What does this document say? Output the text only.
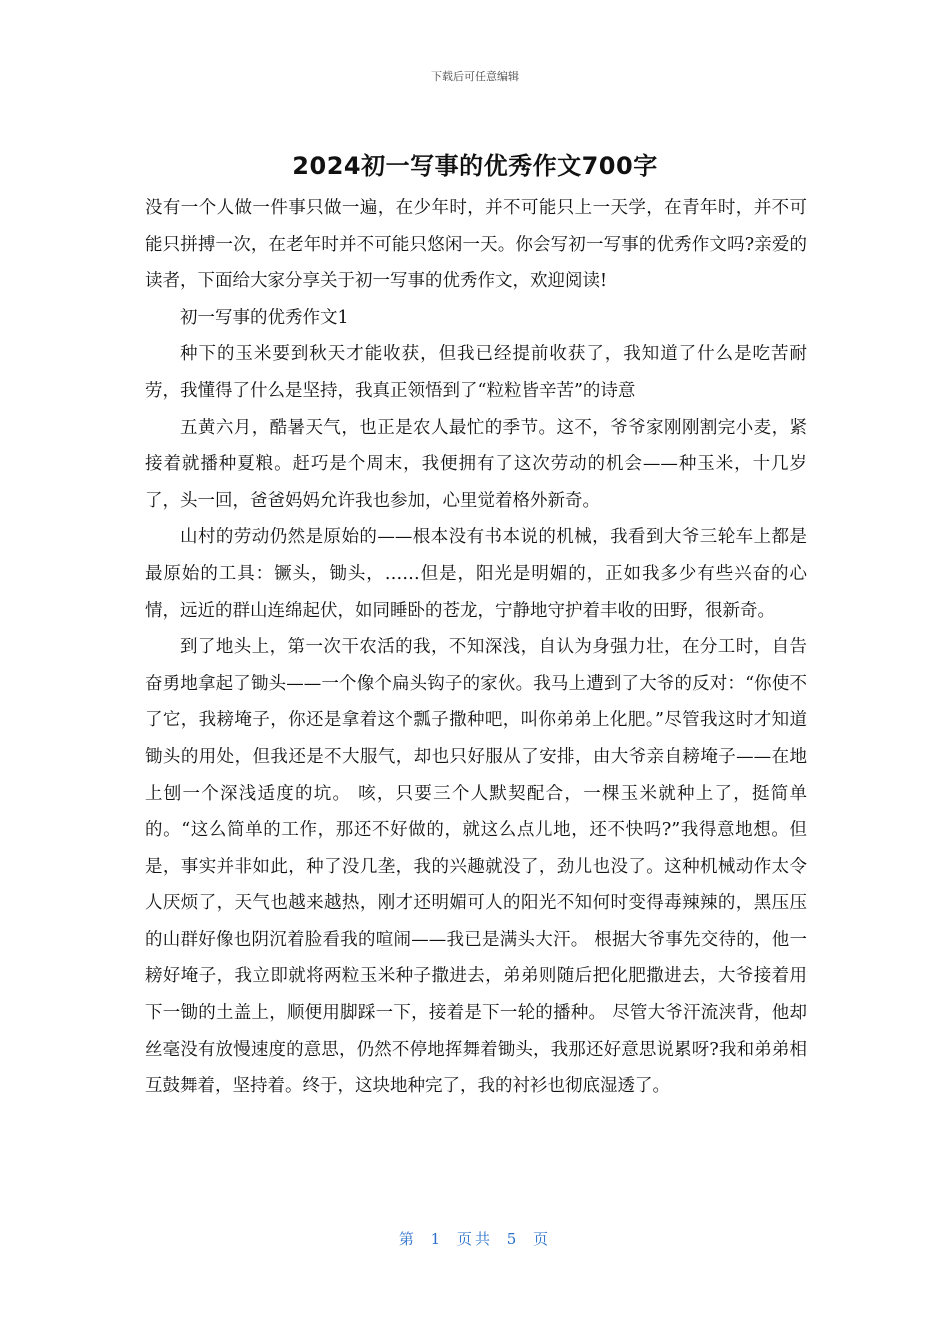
下载后可任意编辑
2024初一写事的优秀作文700字

没有一个人做一件事只做一遍，在少年时，并不可能只上一天学，在青年时，并不可能只拼搏一次，在老年时并不可能只悠闲一天。你会写初一写事的优秀作文吗?亲爱的读者，下面给大家分享关于初一写事的优秀作文，欢迎阅读!

初一写事的优秀作文1

种下的玉米要到秋天才能收获，但我已经提前收获了，我知道了什么是吃苦耐劳，我懂得了什么是坚持，我真正领悟到了“粒粒皆辛苦”的诗意

五黄六月，酷暑天气，也正是农人最忙的季节。这不，爷爷家刚刚割完小麦，紧接着就播种夏粮。赶巧是个周末，我便拥有了这次劳动的机会——种玉米，十几岁了，头一回，爸爸妈妈允许我也参加，心里觉着格外新奇。

山村的劳动仍然是原始的——根本没有书本说的机械，我看到大爷三轮车上都是最原始的工具：镢头，锄头，……但是，阳光是明媚的，正如我多少有些兴奋的心情，远近的群山连绵起伏，如同睡卧的苍龙，宁静地守护着丰收的田野，很新奇。

到了地头上，第一次干农活的我，不知深浅，自认为身强力壮，在分工时，自告奋勇地拿起了锄头——一个像个扁头钩子的家伙。我马上遭到了大爷的反对：“你使不了它，我耪埯子，你还是拿着这个瓢子撒种吧，叫你弟弟上化肥。”尽管我这时才知道锄头的用处，但我还是不大服气，却也只好服从了安排，由大爷亲自耪埯子——在地上刨一个深浅适度的坑。 咳，只要三个人默契配合，一棵玉米就种上了，挺简单的。“这么简单的工作，那还不好做的，就这么点儿地，还不快吗?”我得意地想。但是，事实并非如此，种了没几垄，我的兴趣就没了，劲儿也没了。这种机械动作太令人厌烦了，天气也越来越热，刚才还明媚可人的阳光不知何时变得毒辣辣的，黑压压的山群好像也阴沉着脸看我的喧闹——我已是满头大汗。 根据大爷事先交待的，他一耪好埯子，我立即就将两粒玉米种子撒进去，弟弟则随后把化肥撒进去，大爷接着用下一锄的土盖上，顺便用脚踩一下，接着是下一轮的播种。 尽管大爷汗流浃背，他却丝毫没有放慢速度的意思，仍然不停地挥舞着锄头，我那还好意思说累呀?我和弟弟相互鼓舞着，坚持着。终于，这块地种完了，我的衬衫也彻底湿透了。

第 1 页共 5 页
